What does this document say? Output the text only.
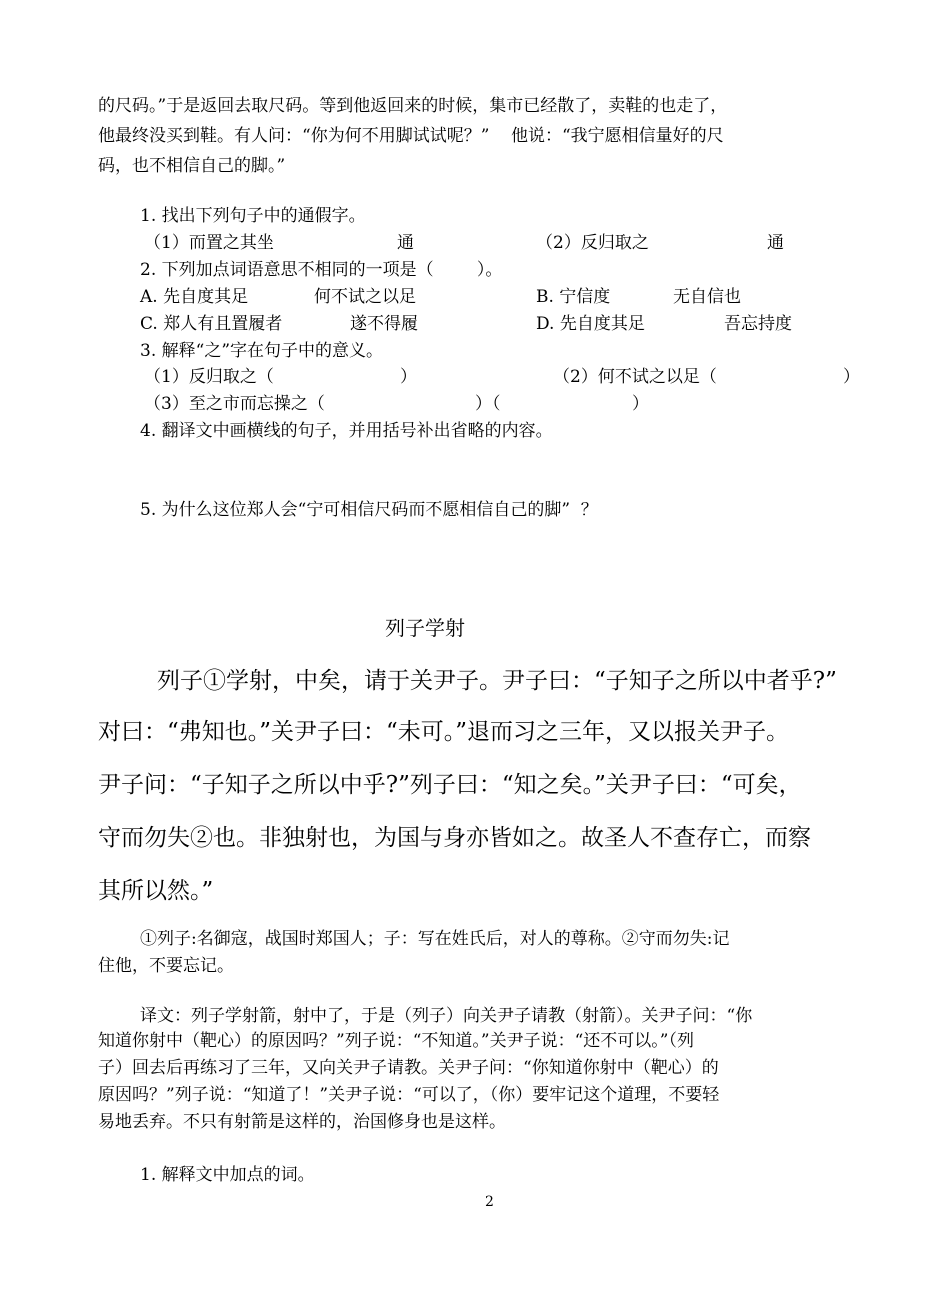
的尺码。”于是返回去取尺码。等到他返回来的时候，集市已经散了，卖鞋的也走了，
他最终没买到鞋。有人问：“你为何不用脚试试呢？”    他说：“我宁愿相信量好的尺
码，也不相信自己的脚。”
1. 找出下列句子中的通假字。
（1）而置之其坐	通	（2）反归取之	通
2. 下列加点词语意思不相同的一项是（        ）。
A. 先自度其足	何不试之以足	B. 宁信度	无自信也
C. 郑人有且置履者	遂不得履	D. 先自度其足	吾忘持度
3. 解释“之”字在句子中的意义。
（1）反归取之（	）	（2）何不试之以足（	）
（3）至之市而忘操之（	）（	）
4. 翻译文中画横线的句子，并用括号补出省略的内容。
5. 为什么这位郑人会“宁可相信尺码而不愿相信自己的脚”  ？
列子学射
列子①学射，中矣，请于关尹子。尹子曰：“子知子之所以中者乎?”
对曰：“弗知也。”关尹子曰：“未可。”退而习之三年，又以报关尹子。
尹子问：“子知子之所以中乎?”列子曰：“知之矣。”关尹子曰：“可矣，
守而勿失②也。非独射也，为国与身亦皆如之。故圣人不查存亡，而察
其所以然。”
①列子:名御寇，战国时郑国人；子：写在姓氏后，对人的尊称。②守而勿失:记
住他，不要忘记。
译文：列子学射箭，射中了，于是（列子）向关尹子请教（射箭）。关尹子问：“你
知道你射中（靶心）的原因吗？”列子说：“不知道。”关尹子说：“还不可以。”（列
子）回去后再练习了三年，又向关尹子请教。关尹子问：“你知道你射中（靶心）的
原因吗？”列子说：“知道了！”关尹子说：“可以了，（你）要牢记这个道理，不要轻
易地丢弃。不只有射箭是这样的，治国修身也是这样。
1. 解释文中加点的词。
2
